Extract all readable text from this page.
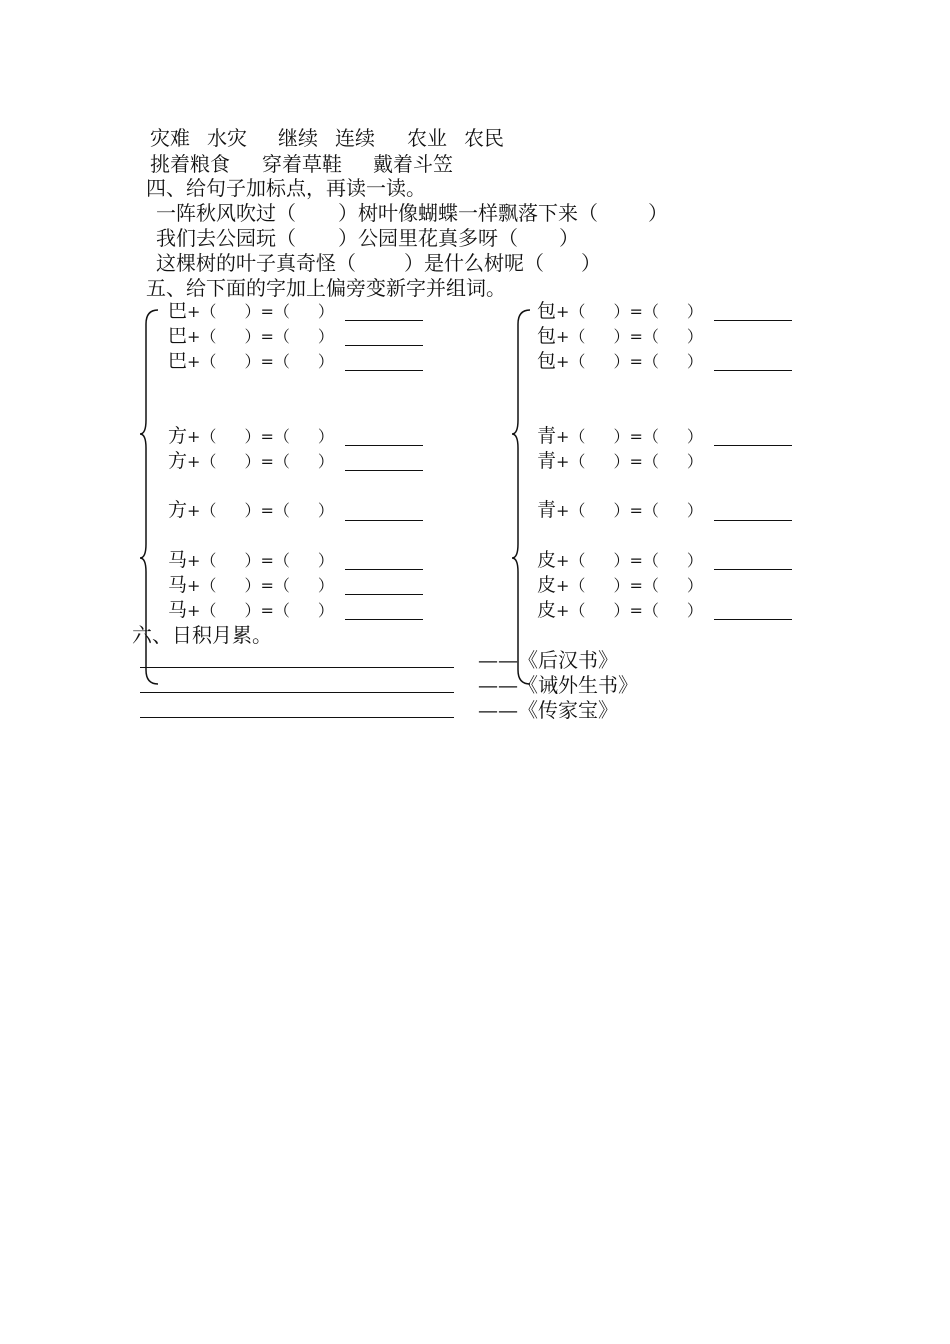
灾难 水灾 继续 连续 农业 农民
挑着粮食 穿着草鞋 戴着斗笠
四、给句子加标点，再读一读。
一阵秋风吹过（ ）树叶像蝴蝶一样飘落下来（	）
我们去公园玩（ ）公园里花真多呀（ ）
这棵树的叶子真奇怪（ ）是什么树呢（ ）
五、给下面的字加上偏旁变新字并组词。
巴+（ ）=（ ）
巴+（ ）=（ ）
巴+（ ）=（ ）
方+（ ）=（ ）
方+（ ）=（ ）
方+（ ）=（ ）
马+（ ）=（ ）
马+（ ）=（ ）
马+（ ）=（ ）
包+（ ）=（ ）
包+（ ）=（ ）
包+（ ）=（ ）
青+（ ）=（ ）
青+（ ）=（ ）
青+（ ）=（ ）
皮+（ ）=（ ）
皮+（ ）=（ ）
皮+（ ）=（ ）
六、日积月累。
——《后汉书》
——《诫外生书》
——《传家宝》
